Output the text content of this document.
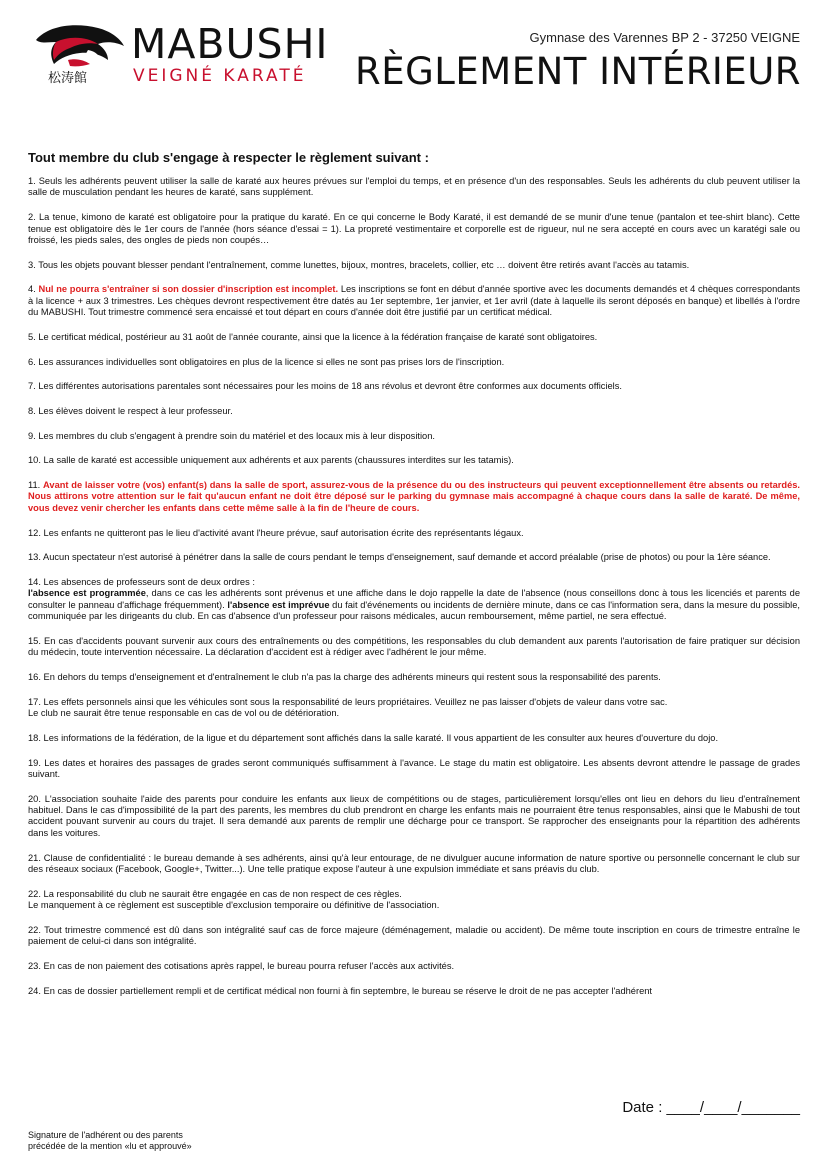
松涛館
MABUSHI
VEIGNÉ KARATÉ
Gymnase des Varennes BP 2 - 37250 VEIGNE
RÈGLEMENT INTÉRIEUR
Tout membre du club s'engage à respecter le règlement suivant :

1. Seuls les adhérents peuvent utiliser la salle de karaté aux heures prévues sur l'emploi du temps, et en présence d'un des responsables. Seuls les adhérents du club peuvent utiliser la salle de musculation pendant les heures de karaté, sans supplément.

2. La tenue, kimono de karaté est obligatoire pour la pratique du karaté. En ce qui concerne le Body Karaté, il est demandé de se munir d'une tenue (pantalon et tee-shirt blanc). Cette tenue est obligatoire dès le 1er cours de l'année (hors séance d'essai = 1). La propreté vestimentaire et corporelle est de rigueur, nul ne sera accepté en cours avec un karatégi sale ou froissé, les pieds sales, des ongles de pieds non coupés…

3. Tous les objets pouvant blesser pendant l'entraînement, comme lunettes, bijoux, montres, bracelets, collier, etc … doivent être retirés avant l'accès au tatamis.

4. Nul ne pourra s'entraîner si son dossier d'inscription est incomplet. Les inscriptions se font en début d'année sportive avec les documents demandés et 4 chèques correspondants à la licence + aux 3 trimestres. Les chèques devront respectivement être datés au 1er septembre, 1er janvier, et 1er avril (date à laquelle ils seront déposés en banque) et libellés à l'ordre du MABUSHI. Tout trimestre commencé sera encaissé et tout départ en cours d'année doit être justifié par un certificat médical.

5. Le certificat médical, postérieur au 31 août de l'année courante, ainsi que la licence à la fédération française de karaté sont obligatoires.

6. Les assurances individuelles sont obligatoires en plus de la licence si elles ne sont pas prises lors de l'inscription.

7. Les différentes autorisations parentales sont nécessaires pour les moins de 18 ans révolus et devront être conformes aux documents officiels.

8. Les élèves doivent le respect à leur professeur.

9. Les membres du club s'engagent à prendre soin du matériel et des locaux mis à leur disposition.

10. La salle de karaté est accessible uniquement aux adhérents et aux parents (chaussures interdites sur les tatamis).

11. Avant de laisser votre (vos) enfant(s) dans la salle de sport, assurez-vous de la présence du ou des instructeurs qui peuvent exceptionnellement être absents ou retardés. Nous attirons votre attention sur le fait qu'aucun enfant ne doit être déposé sur le parking du gymnase mais accompagné à chaque cours dans la salle de karaté. De même, vous devez venir chercher les enfants dans cette même salle à la fin de l'heure de cours.

12. Les enfants ne quitteront pas le lieu d'activité avant l'heure prévue, sauf autorisation écrite des représentants légaux.

13. Aucun spectateur n'est autorisé à pénétrer dans la salle de cours pendant le temps d'enseignement, sauf demande et accord préalable (prise de photos) ou pour la 1ère séance.

14. Les absences de professeurs sont de deux ordres :
l'absence est programmée, dans ce cas les adhérents sont prévenus et une affiche dans le dojo rappelle la date de l'absence (nous conseillons donc à tous les licenciés et parents de consulter le panneau d'affichage fréquemment). l'absence est imprévue du fait d'événements ou incidents de dernière minute, dans ce cas l'information sera, dans la mesure du possible, communiquée par les dirigeants du club. En cas d'absence d'un professeur pour raisons médicales, aucun remboursement, même partiel, ne sera effectué.

15. En cas d'accidents pouvant survenir aux cours des entraînements ou des compétitions, les responsables du club demandent aux parents l'autorisation de faire pratiquer sur décision du médecin, toute intervention nécessaire. La déclaration d'accident est à rédiger avec l'adhérent le jour même.

16. En dehors du temps d'enseignement et d'entraînement le club n'a pas la charge des adhérents mineurs qui restent sous la responsabilité des parents.

17. Les effets personnels ainsi que les véhicules sont sous la responsabilité de leurs propriétaires. Veuillez ne pas laisser d'objets de valeur dans votre sac.
Le club ne saurait être tenue responsable en cas de vol ou de détérioration.

18. Les informations de la fédération, de la ligue et du département sont affichés dans la salle karaté. Il vous appartient de les consulter aux heures d'ouverture du dojo.

19. Les dates et horaires des passages de grades seront communiqués suffisamment à l'avance. Le stage du matin est obligatoire. Les absents devront attendre le passage de grades suivant.

20. L'association souhaite l'aide des parents pour conduire les enfants aux lieux de compétitions ou de stages, particulièrement lorsqu'elles ont lieu en dehors du lieu d'entraînement habituel. Dans le cas d'impossibilité de la part des parents, les membres du club prendront en charge les enfants mais ne pourraient être tenus responsables, ainsi que le Mabushi de tout accident pouvant survenir au cours du trajet. Il sera demandé aux parents de remplir une décharge pour ce transport. Se rapprocher des enseignants pour la répartition des adhérents dans les voitures.

21. Clause de confidentialité : le bureau demande à ses adhérents, ainsi qu'à leur entourage, de ne divulguer aucune information de nature sportive ou personnelle concernant le club sur des réseaux sociaux (Facebook, Google+, Twitter...). Une telle pratique expose l'auteur à une expulsion immédiate et sans préavis du club.

22. La responsabilité du club ne saurait être engagée en cas de non respect de ces règles.
Le manquement à ce règlement est susceptible d'exclusion temporaire ou définitive de l'association.

22. Tout trimestre commencé est dû dans son intégralité sauf cas de force majeure (déménagement, maladie ou accident). De même toute inscription en cours de trimestre entraîne le paiement de celui-ci dans son intégralité.

23. En cas de non paiement des cotisations après rappel, le bureau pourra refuser l'accès aux activités.

24. En cas de dossier partiellement rempli et de certificat médical non fourni à fin septembre, le bureau se réserve le droit de ne pas accepter l'adhérent

Date : ____/____/_______
Signature de l'adhérent ou des parents
précédée de la mention «lu et approuvé»
